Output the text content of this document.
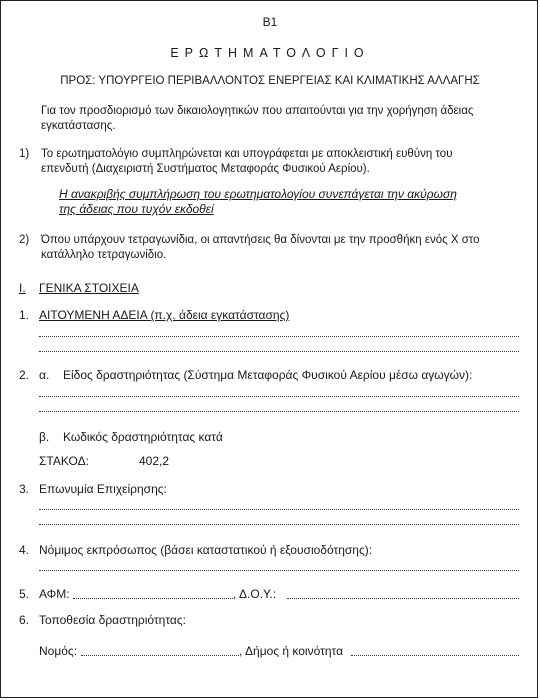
B1
ΕΡΩΤΗΜΑΤΟΛΟΓΙΟ
ΠΡΟΣ: ΥΠΟΥΡΓΕΙΟ ΠΕΡΙΒΑΛΛΟΝΤΟΣ ΕΝΕΡΓΕΙΑΣ ΚΑΙ ΚΛΙΜΑΤΙΚΗΣ ΑΛΛΑΓΗΣ
Για τον προσδιορισμό των δικαιολογητικών που απαιτούνται για την χορήγηση άδειας
εγκατάστασης.
1) Το ερωτηματολόγιο συμπληρώνεται και υπογράφεται με αποκλειστική ευθύνη του
επενδυτή (Διαχειριστή Συστήματος Μεταφοράς Φυσικού Αερίου).
Η ανακριβής συμπλήρωση του ερωτηματολογίου συνεπάγεται την ακύρωση
της άδειας που τυχόν εκδοθεί
2) Όπου υπάρχουν τετραγωνίδια, οι απαντήσεις θα δίνονται με την προσθήκη ενός Χ στο
κατάλληλο τετραγωνίδιο.
Ι. ΓΕΝΙΚΑ ΣΤΟΙΧΕΙΑ
1. ΑΙΤΟΥΜΕΝΗ ΑΔΕΙΑ (π.χ. άδεια εγκατάστασης)
2. α. Είδος δραστηριότητας (Σύστημα Μεταφοράς Φυσικού Αερίου μέσω αγωγών):
β. Κωδικός δραστηριότητας κατά
ΣΤΑΚΟΔ:	402,2
3. Επωνυμία Επιχείρησης:
4. Νόμιμος εκπρόσωπος (βάσει καταστατικού ή εξουσιοδότησης):
5. ΑΦΜ:	, Δ.Ο.Υ.:
6. Τοποθεσία δραστηριότητας:
Νομός:	, Δήμος ή κοινότητα
